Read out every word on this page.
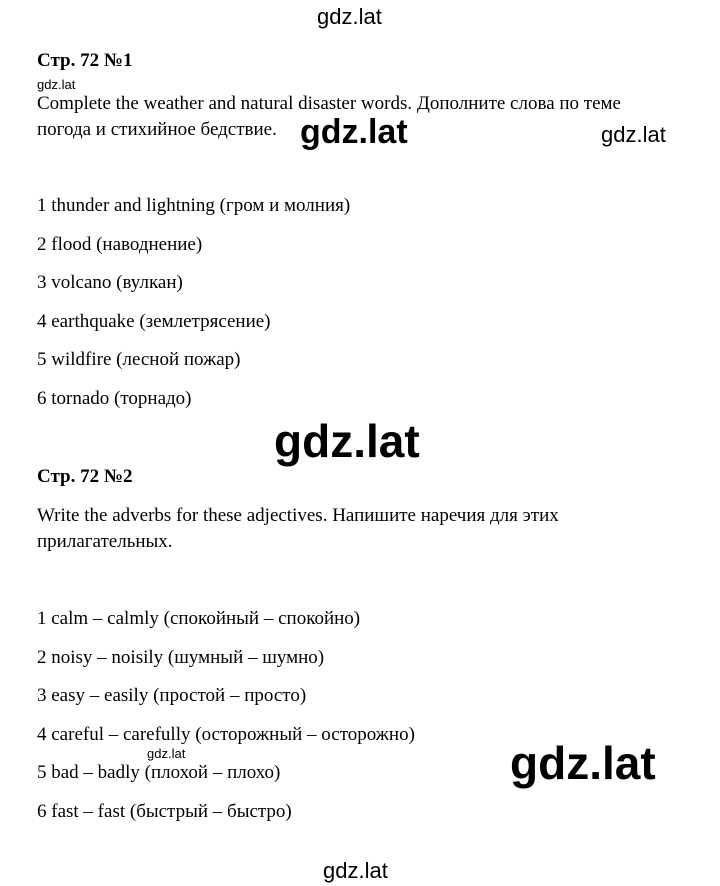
gdz.lat
Стр. 72 №1
gdz.lat
Complete the weather and natural disaster words. Дополните слова по теме
погода и стихийное бедствие. gdz.lat	gdz.lat
1 thunder and lightning (гром и молния)
2 flood (наводнение)
3 volcano (вулкан)
4 earthquake (землетрясение)
5 wildfire (лесной пожар)
6 tornado (торнадо)
gdz.lat
Стр. 72 №2
Write the adverbs for these adjectives. Напишите наречия для этих
прилагательных.
1 calm – calmly (спокойный – спокойно)
2 noisy – noisily (шумный – шумно)
3 easy – easily (простой – просто)
4 careful – carefully (осторожный – осторожно)
gdz.lat
5 bad – badly (плохой – плохо)
6 fast – fast (быстрый – быстро)
gdz.lat
gdz.lat
